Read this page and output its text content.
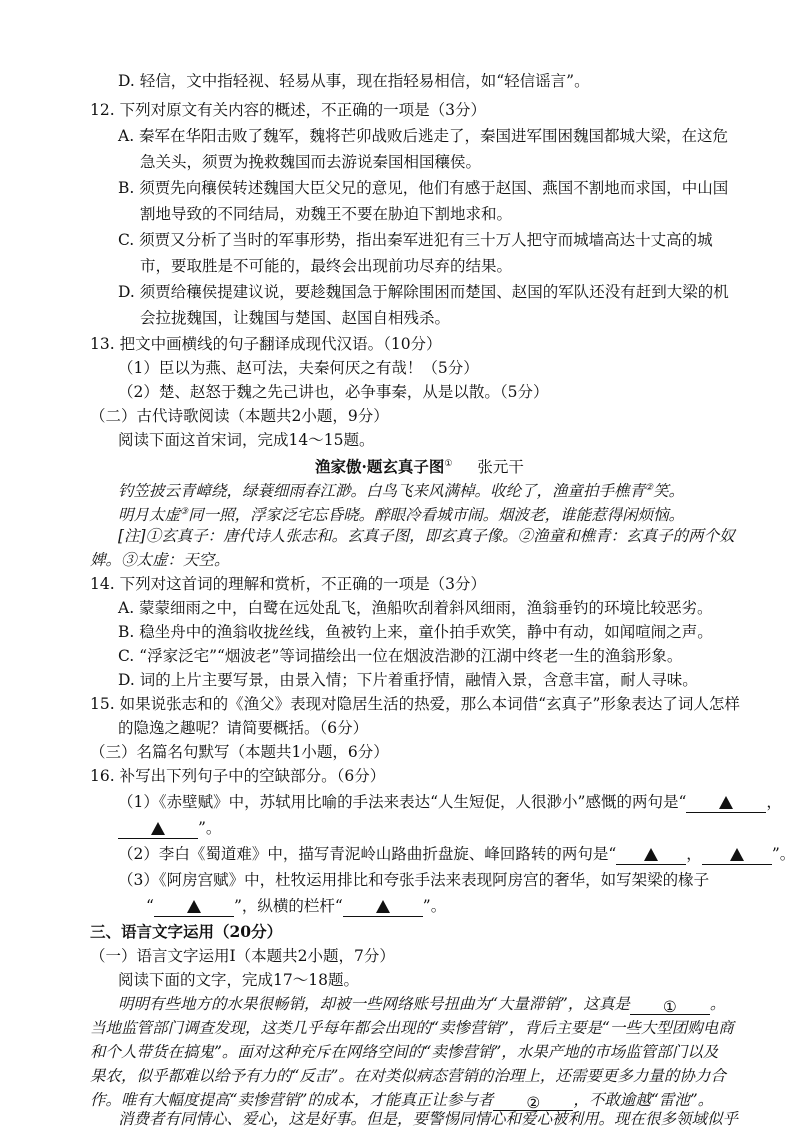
D. 轻信，文中指轻视、轻易从事，现在指轻易相信，如“轻信谣言”。
12. 下列对原文有关内容的概述，不正确的一项是（3分）
A. 秦军在华阳击败了魏军，魏将芒卯战败后逃走了，秦国进军围困魏国都城大梁，在这危
急关头，须贾为挽救魏国而去游说秦国相国穰侯。
B. 须贾先向穰侯转述魏国大臣父兄的意见，他们有感于赵国、燕国不割地而求国，中山国
割地导致的不同结局，劝魏王不要在胁迫下割地求和。
C. 须贾又分析了当时的军事形势，指出秦军进犯有三十万人把守而城墙高达十丈高的城
市，要取胜是不可能的，最终会出现前功尽弃的结果。
D. 须贾给穰侯提建议说，要趁魏国急于解除围困而楚国、赵国的军队还没有赶到大梁的机
会拉拢魏国，让魏国与楚国、赵国自相残杀。
13. 把文中画横线的句子翻译成现代汉语。（10分）
（1）臣以为燕、赵可法，夫秦何厌之有哉！（5分）
（2）楚、赵怒于魏之先己讲也，必争事秦，从是以散。（5分）
（二）古代诗歌阅读（本题共2小题，9分）
阅读下面这首宋词，完成14～15题。
渔家傲·题玄真子图① 张元干
钓笠披云青嶂绕，绿蓑细雨春江渺。白鸟飞来风满棹。收纶了，渔童拍手樵青②笑。
明月太虚③同一照，浮家泛宅忘昏晓。醉眼冷看城市闹。烟波老，谁能惹得闲烦恼。
[注]①玄真子：唐代诗人张志和。玄真子图，即玄真子像。②渔童和樵青：玄真子的两个奴
婢。③太虚：天空。
14. 下列对这首词的理解和赏析，不正确的一项是（3分）
A. 蒙蒙细雨之中，白鹭在远处乱飞，渔船吹刮着斜风细雨，渔翁垂钓的环境比较恶劣。
B. 稳坐舟中的渔翁收拢丝线，鱼被钓上来，童仆拍手欢笑，静中有动，如闻喧闹之声。
C. “浮家泛宅”“烟波老”等词描绘出一位在烟波浩渺的江湖中终老一生的渔翁形象。
D. 词的上片主要写景，由景入情；下片着重抒情，融情入景，含意丰富，耐人寻味。
15. 如果说张志和的《渔父》表现对隐居生活的热爱，那么本词借“玄真子”形象表达了词人怎样
的隐逸之趣呢？请简要概括。（6分）
（三）名篇名句默写（本题共1小题，6分）
16. 补写出下列句子中的空缺部分。（6分）
（1）《赤壁赋》中，苏轼用比喻的手法来表达“人生短促，人很渺小”感慨的两句是“	，
”。
（2）李白《蜀道难》中，描写青泥岭山路曲折盘旋、峰回路转的两句是“	，	”。
（3）《阿房宫赋》中，杜牧运用排比和夸张手法来表现阿房宫的奢华，如写架梁的椽子
“	”，纵横的栏杆“	”。
三、语言文字运用（20分）
（一）语言文字运用Ⅰ（本题共2小题，7分）
阅读下面的文字，完成17～18题。
明明有些地方的水果很畅销，却被一些网络账号扭曲为“大量滞销”，这真是 ① 。
当地监管部门调查发现，这类几乎每年都会出现的“卖惨营销”，背后主要是“一些大型团购电商
和个人带货在搞鬼”。面对这种充斥在网络空间的“卖惨营销”，水果产地的市场监管部门以及
果农，似乎都难以给予有力的“反击”。在对类似病态营销的治理上，还需要更多力量的协力合
作。唯有大幅度提高“卖惨营销”的成本，才能真正让参与者 ② ，不敢逾越“雷池”。
消费者有同情心、爱心，这是好事。但是，要警惕同情心和爱心被利用。现在很多领域似乎
